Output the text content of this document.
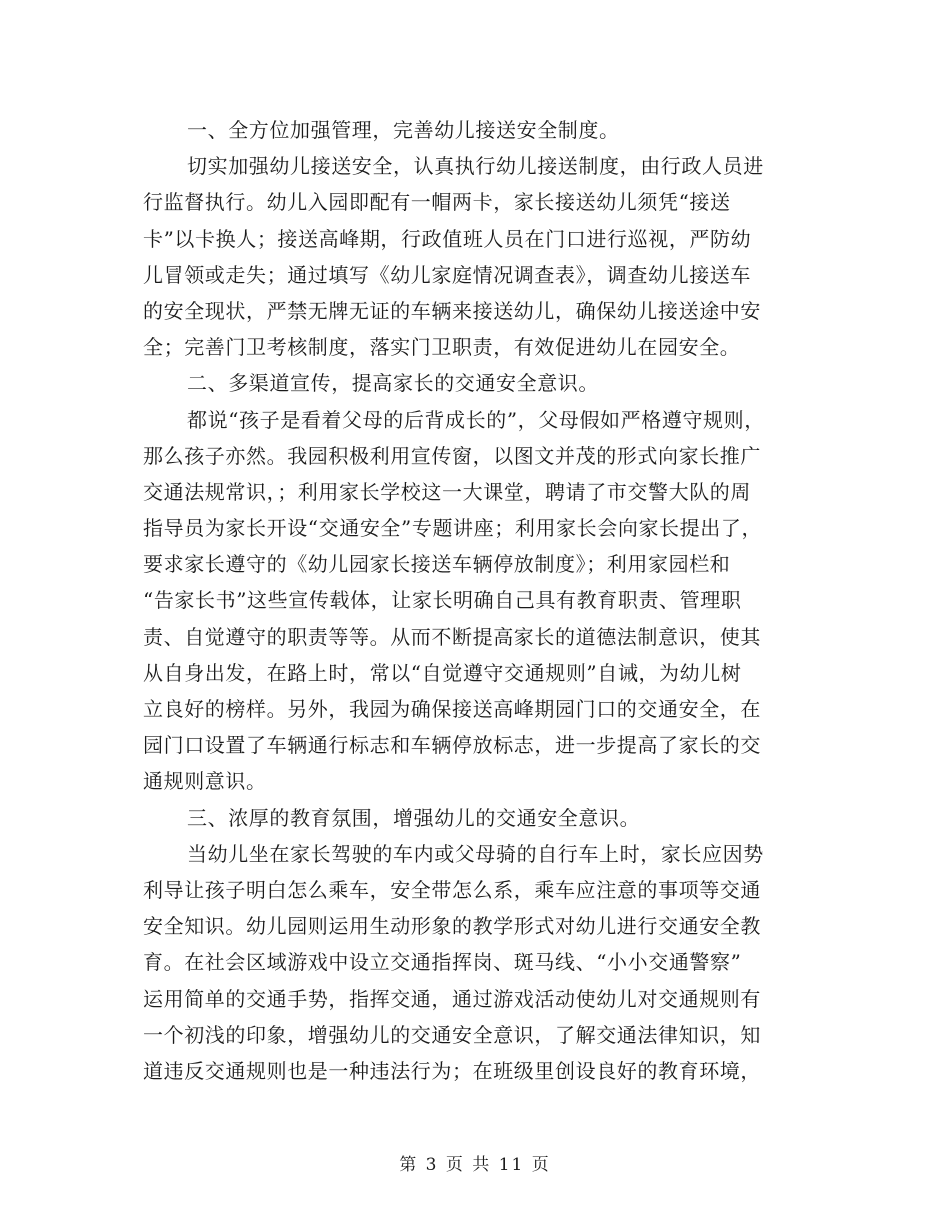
一、全方位加强管理，完善幼儿接送安全制度。
切实加强幼儿接送安全，认真执行幼儿接送制度，由行政人员进
行监督执行。幼儿入园即配有一帽两卡，家长接送幼儿须凭“接送
卡”以卡换人；接送高峰期，行政值班人员在门口进行巡视，严防幼
儿冒领或走失；通过填写《幼儿家庭情况调查表》，调查幼儿接送车
的安全现状，严禁无牌无证的车辆来接送幼儿，确保幼儿接送途中安
全；完善门卫考核制度，落实门卫职责，有效促进幼儿在园安全。
二、多渠道宣传，提高家长的交通安全意识。
都说“孩子是看着父母的后背成长的”，父母假如严格遵守规则，
那么孩子亦然。我园积极利用宣传窗，以图文并茂的形式向家长推广
交通法规常识，；利用家长学校这一大课堂，聘请了市交警大队的周
指导员为家长开设“交通安全”专题讲座；利用家长会向家长提出了，
要求家长遵守的《幼儿园家长接送车辆停放制度》；利用家园栏和
“告家长书”这些宣传载体，让家长明确自己具有教育职责、管理职
责、自觉遵守的职责等等。从而不断提高家长的道德法制意识，使其
从自身出发，在路上时，常以“自觉遵守交通规则”自诫，为幼儿树
立良好的榜样。另外，我园为确保接送高峰期园门口的交通安全，在
园门口设置了车辆通行标志和车辆停放标志，进一步提高了家长的交
通规则意识。
三、浓厚的教育氛围，增强幼儿的交通安全意识。
当幼儿坐在家长驾驶的车内或父母骑的自行车上时，家长应因势
利导让孩子明白怎么乘车，安全带怎么系，乘车应注意的事项等交通
安全知识。幼儿园则运用生动形象的教学形式对幼儿进行交通安全教
育。在社会区域游戏中设立交通指挥岗、斑马线、“小小交通警察”
运用简单的交通手势，指挥交通，通过游戏活动使幼儿对交通规则有
一个初浅的印象，增强幼儿的交通安全意识，了解交通法律知识，知
道违反交通规则也是一种违法行为；在班级里创设良好的教育环境，
第 3 页 共 11 页
